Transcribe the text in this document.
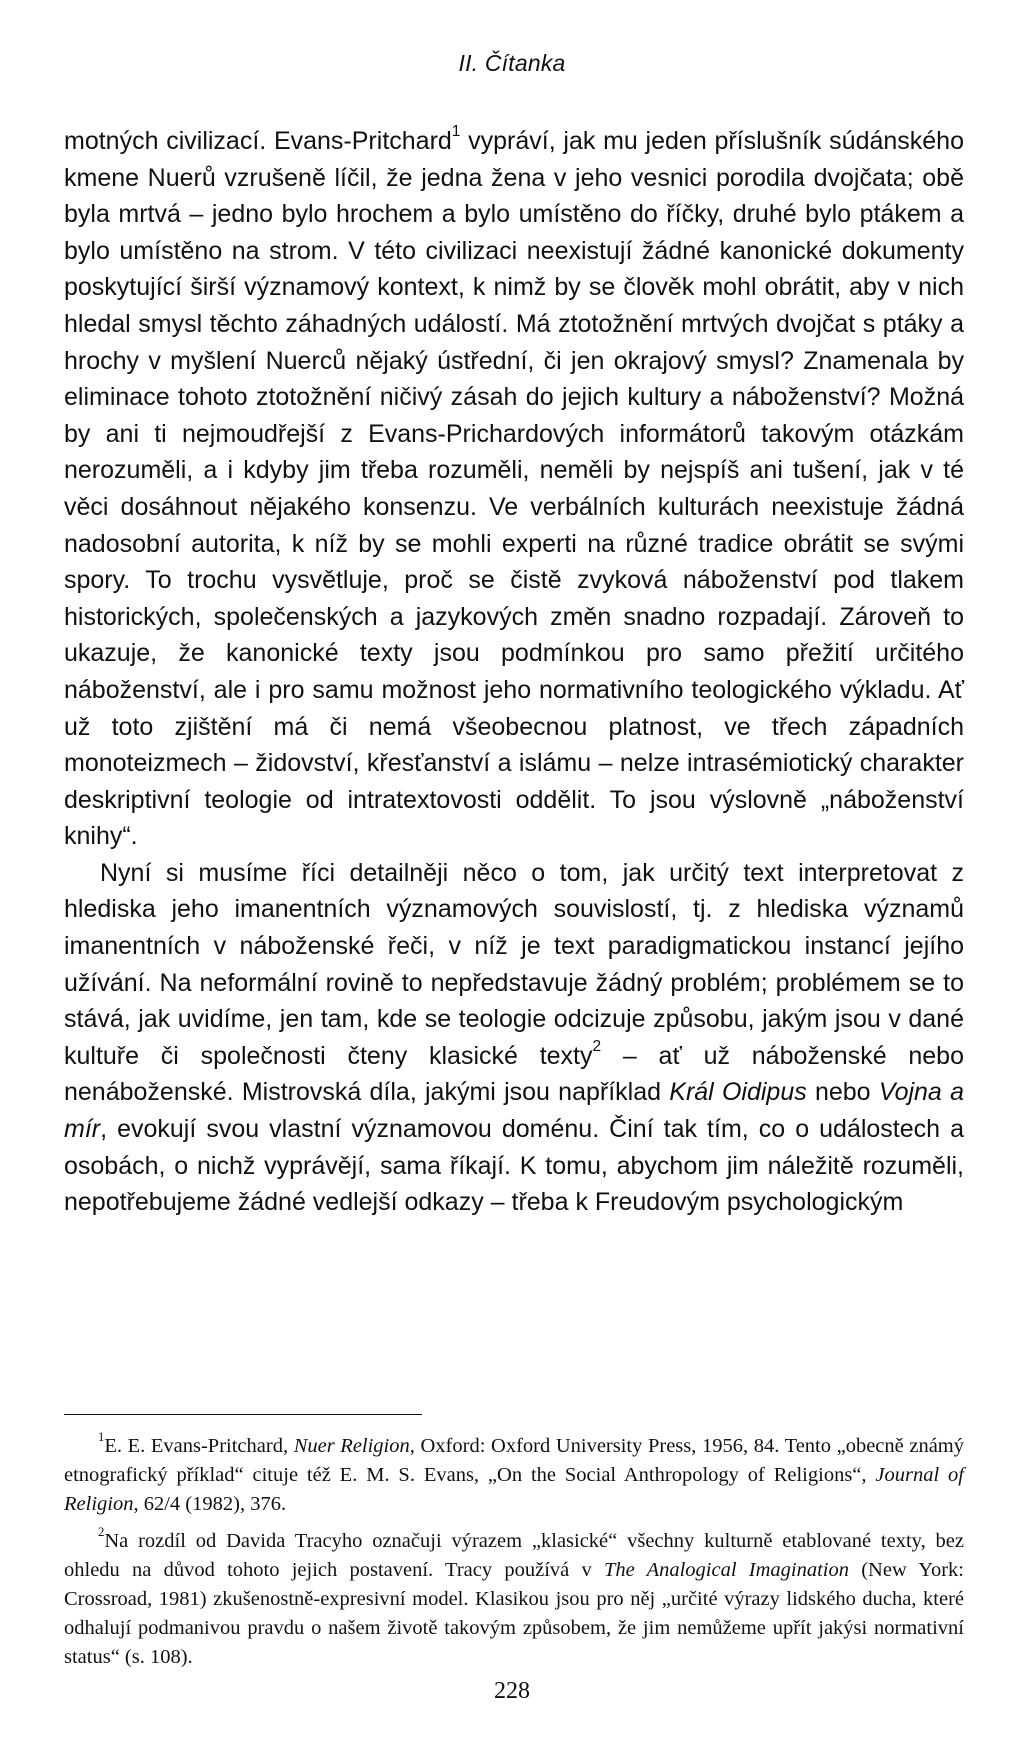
II. Čítanka

motných civilizací. Evans-Pritchard$^1$ vypráví, jak mu jeden příslušník súdánského kmene Nuerů vzrušeně líčil, že jedna žena v jeho vesnici porodila dvojčata; obě byla mrtvá – jedno bylo hrochem a bylo umístěno do říčky, druhé bylo ptákem a bylo umístěno na strom. V této civilizaci neexistují žádné kanonické dokumenty poskytující širší významový kontext, k nimž by se člověk mohl obrátit, aby v nich hledal smysl těchto záhadných událostí. Má ztotožnění mrtvých dvojčat s ptáky a hrochy v myšlení Nuerců nějaký ústřední, či jen okrajový smysl? Znamenala by eliminace tohoto ztotožnění ničivý zásah do jejich kultury a náboženství? Možná by ani ti nejmoudřejší z Evans-Prichardových informátorů takovým otázkám nerozuměli, a i kdyby jim třeba rozuměli, neměli by nejspíš ani tušení, jak v té věci dosáhnout nějakého konsenzu. Ve verbálních kulturách neexistuje žádná nadosobní autorita, k níž by se mohli experti na různé tradice obrátit se svými spory. To trochu vysvětluje, proč se čistě zvyková náboženství pod tlakem historických, společenských a jazykových změn snadno rozpadají. Zároveň to ukazuje, že kanonické texty jsou podmínkou pro samo přežití určitého náboženství, ale i pro samu možnost jeho normativního teologického výkladu. Ať už toto zjištění má či nemá všeobecnou platnost, ve třech západních monoteizmech – židovství, křesťanství a islámu – nelze intrasémiotický charakter deskriptivní teologie od intratextovosti oddělit. To jsou výslovně „náboženství knihy“.

Nyní si musíme říci detailněji něco o tom, jak určitý text interpretovat z hlediska jeho imanentních významových souvislostí, tj. z hlediska významů imanentních v náboženské řeči, v níž je text paradigmatickou instancí jejího užívání. Na neformální rovině to nepředstavuje žádný problém; problémem se to stává, jak uvidíme, jen tam, kde se teologie odcizuje způsobu, jakým jsou v dané kultuře či společnosti čteny klasické texty$^2$ – ať už náboženské nebo nenáboženské. Mistrovská díla, jakými jsou například Král Oidipus nebo Vojna a mír, evokují svou vlastní významovou doménu. Činí tak tím, co o událostech a osobách, o nichž vyprávějí, sama říkají. K tomu, abychom jim náležitě rozuměli, nepotřebujeme žádné vedlejší odkazy – třeba k Freudovým psychologickým

$^1$E. E. Evans-Pritchard, Nuer Religion, Oxford: Oxford University Press, 1956, 84. Tento „obecně známý etnografický příklad“ cituje též E. M. S. Evans, „On the Social Anthropology of Religions“, Journal of Religion, 62/4 (1982), 376.

$^2$Na rozdíl od Davida Tracyho označuji výrazem „klasické“ všechny kulturně etablované texty, bez ohledu na důvod tohoto jejich postavení. Tracy používá v The Analogical Imagination (New York: Crossroad, 1981) zkušenostně-expresivní model. Klasikou jsou pro něj „určité výrazy lidského ducha, které odhalují podmanivou pravdu o našem životě takovým způsobem, že jim nemůžeme upřít jakýsi normativní status“ (s. 108).

228
